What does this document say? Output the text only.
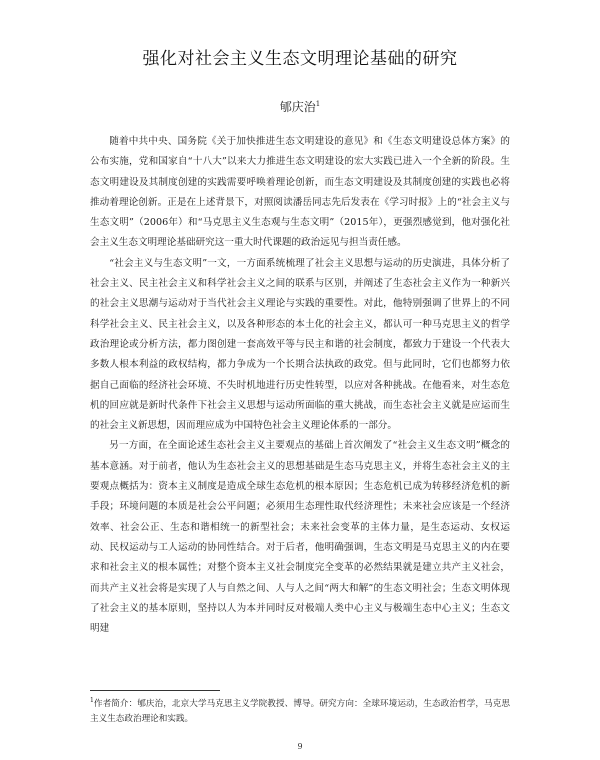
强化对社会主义生态文明理论基础的研究
郇庆治$^1$

随着中共中央、国务院《关于加快推进生态文明建设的意见》和《生态文明建设总体方案》的公布实施，党和国家自“十八大”以来大力推进生态文明建设的宏大实践已进入一个全新的阶段。生态文明建设及其制度创建的实践需要呼唤着理论创新，而生态文明建设及其制度创建的实践也必将推动着理论创新。正是在上述背景下，对照阅读潘岳同志先后发表在《学习时报》上的“社会主义与生态文明”（2006年）和“马克思主义生态观与生态文明”（2015年），更强烈感觉到，他对强化社会主义生态文明理论基础研究这一重大时代课题的政治远见与担当责任感。

“社会主义与生态文明”一文，一方面系统梳理了社会主义思想与运动的历史演进，具体分析了社会主义、民主社会主义和科学社会主义之间的联系与区别，并阐述了生态社会主义作为一种新兴的社会主义思潮与运动对于当代社会主义理论与实践的重要性。对此，他特别强调了世界上的不同科学社会主义、民主社会主义，以及各种形态的本土化的社会主义，都认可一种马克思主义的哲学政治理论或分析方法，都力图创建一套高效平等与民主和谐的社会制度，都致力于建设一个代表大多数人根本利益的政权结构，都力争成为一个长期合法执政的政党。但与此同时，它们也都努力依据自己面临的经济社会环境、不失时机地进行历史性转型，以应对各种挑战。在他看来，对生态危机的回应就是新时代条件下社会主义思想与运动所面临的重大挑战，而生态社会主义就是应运而生的社会主义新思想，因而理应成为中国特色社会主义理论体系的一部分。

另一方面，在全面论述生态社会主义主要观点的基础上首次阐发了“社会主义生态文明”概念的基本意涵。对于前者，他认为生态社会主义的思想基础是生态马克思主义，并将生态社会主义的主要观点概括为：资本主义制度是造成全球生态危机的根本原因；生态危机已成为转移经济危机的新手段；环境问题的本质是社会公平问题；必须用生态理性取代经济理性；未来社会应该是一个经济效率、社会公正、生态和谐相统一的新型社会；未来社会变革的主体力量，是生态运动、女权运动、民权运动与工人运动的协同性结合。对于后者，他明确强调，生态文明是马克思主义的内在要求和社会主义的根本属性；对整个资本主义社会制度完全变革的必然结果就是建立共产主义社会，而共产主义社会将是实现了人与自然之间、人与人之间“两大和解”的生态文明社会；生态文明体现了社会主义的基本原则，坚持以人为本并同时反对极端人类中心主义与极端生态中心主义；生态文明建

$^1$作者简介：郇庆治，北京大学马克思主义学院教授、博导。研究方向：全球环境运动，生态政治哲学，马克思主义生态政治理论和实践。
9
